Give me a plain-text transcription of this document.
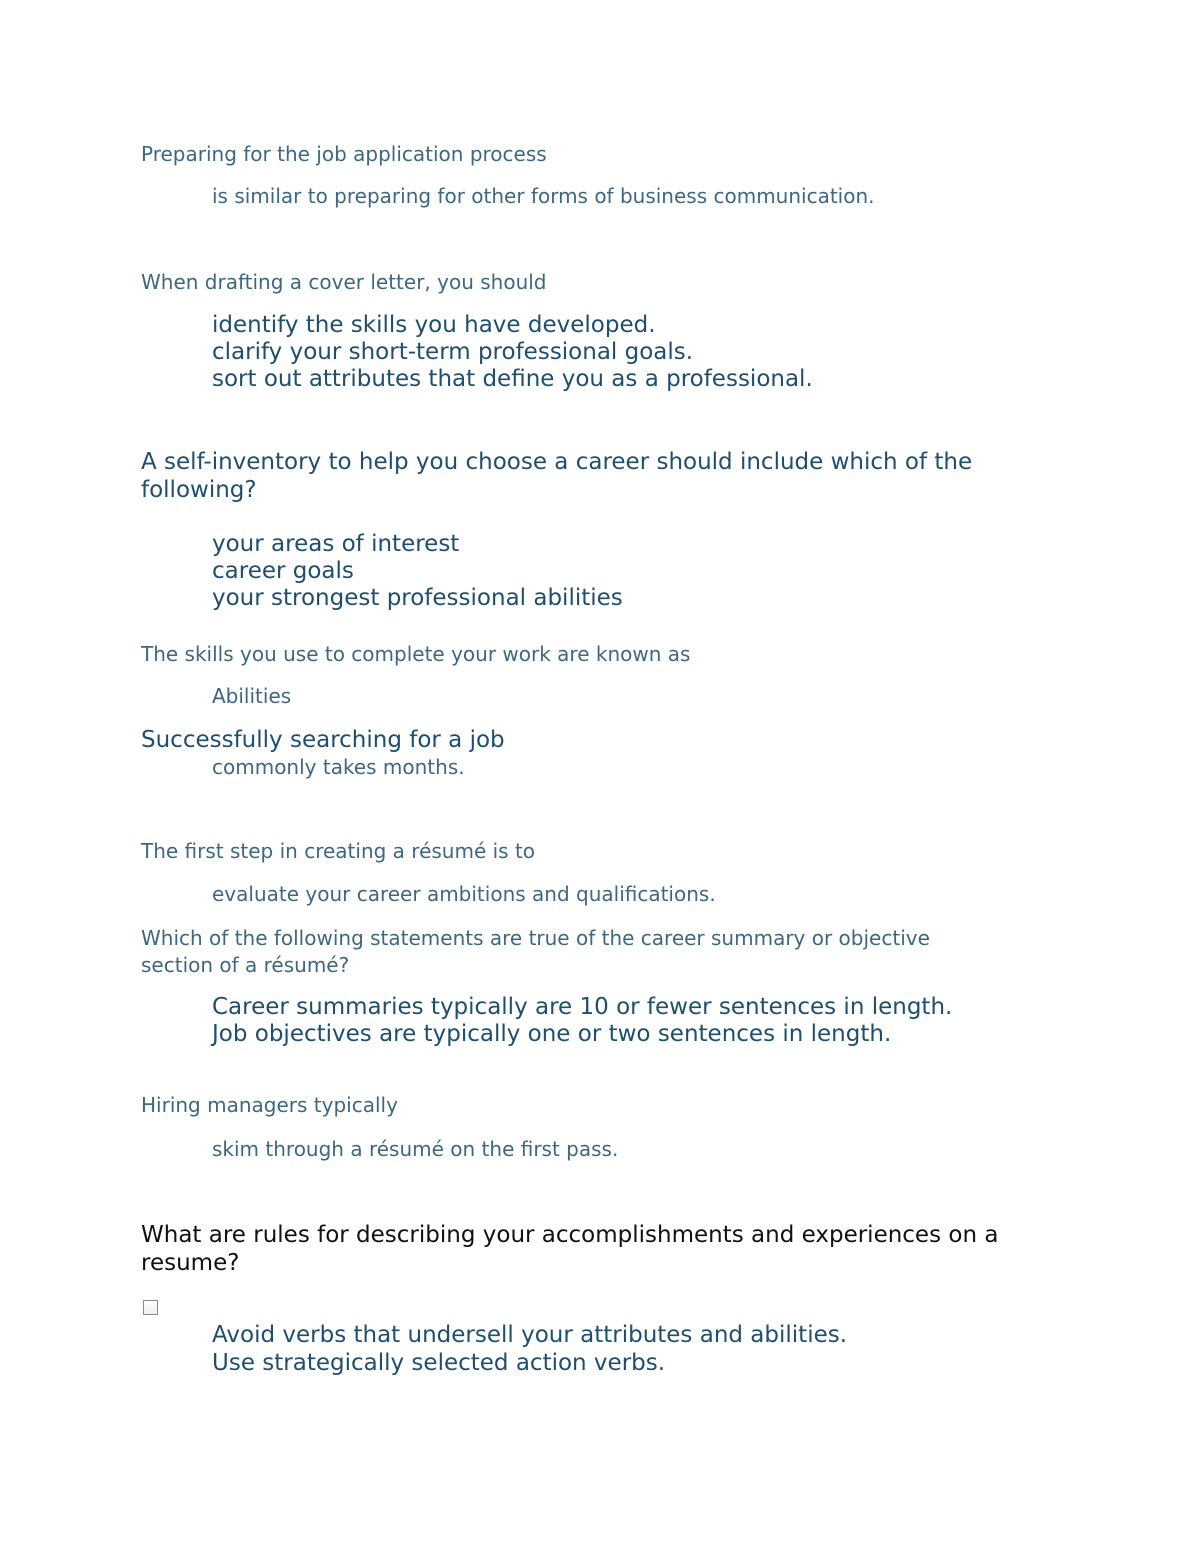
Preparing for the job application process

is similar to preparing for other forms of business communication.

When drafting a cover letter, you should

identify the skills you have developed.
clarify your short-term professional goals.
sort out attributes that define you as a professional.
A self-inventory to help you choose a career should include which of the
following?
your areas of interest
career goals
your strongest professional abilities

The skills you use to complete your work are known as

Abilities

Successfully searching for a job

commonly takes months.

The first step in creating a résumé is to

evaluate your career ambitions and qualifications.

Which of the following statements are true of the career summary or objective
section of a résumé?
Career summaries typically are 10 or fewer sentences in length.
Job objectives are typically one or two sentences in length.

Hiring managers typically

skim through a résumé on the first pass.

What are rules for describing your accomplishments and experiences on a
resume?
Avoid verbs that undersell your attributes and abilities.
Use strategically selected action verbs.
